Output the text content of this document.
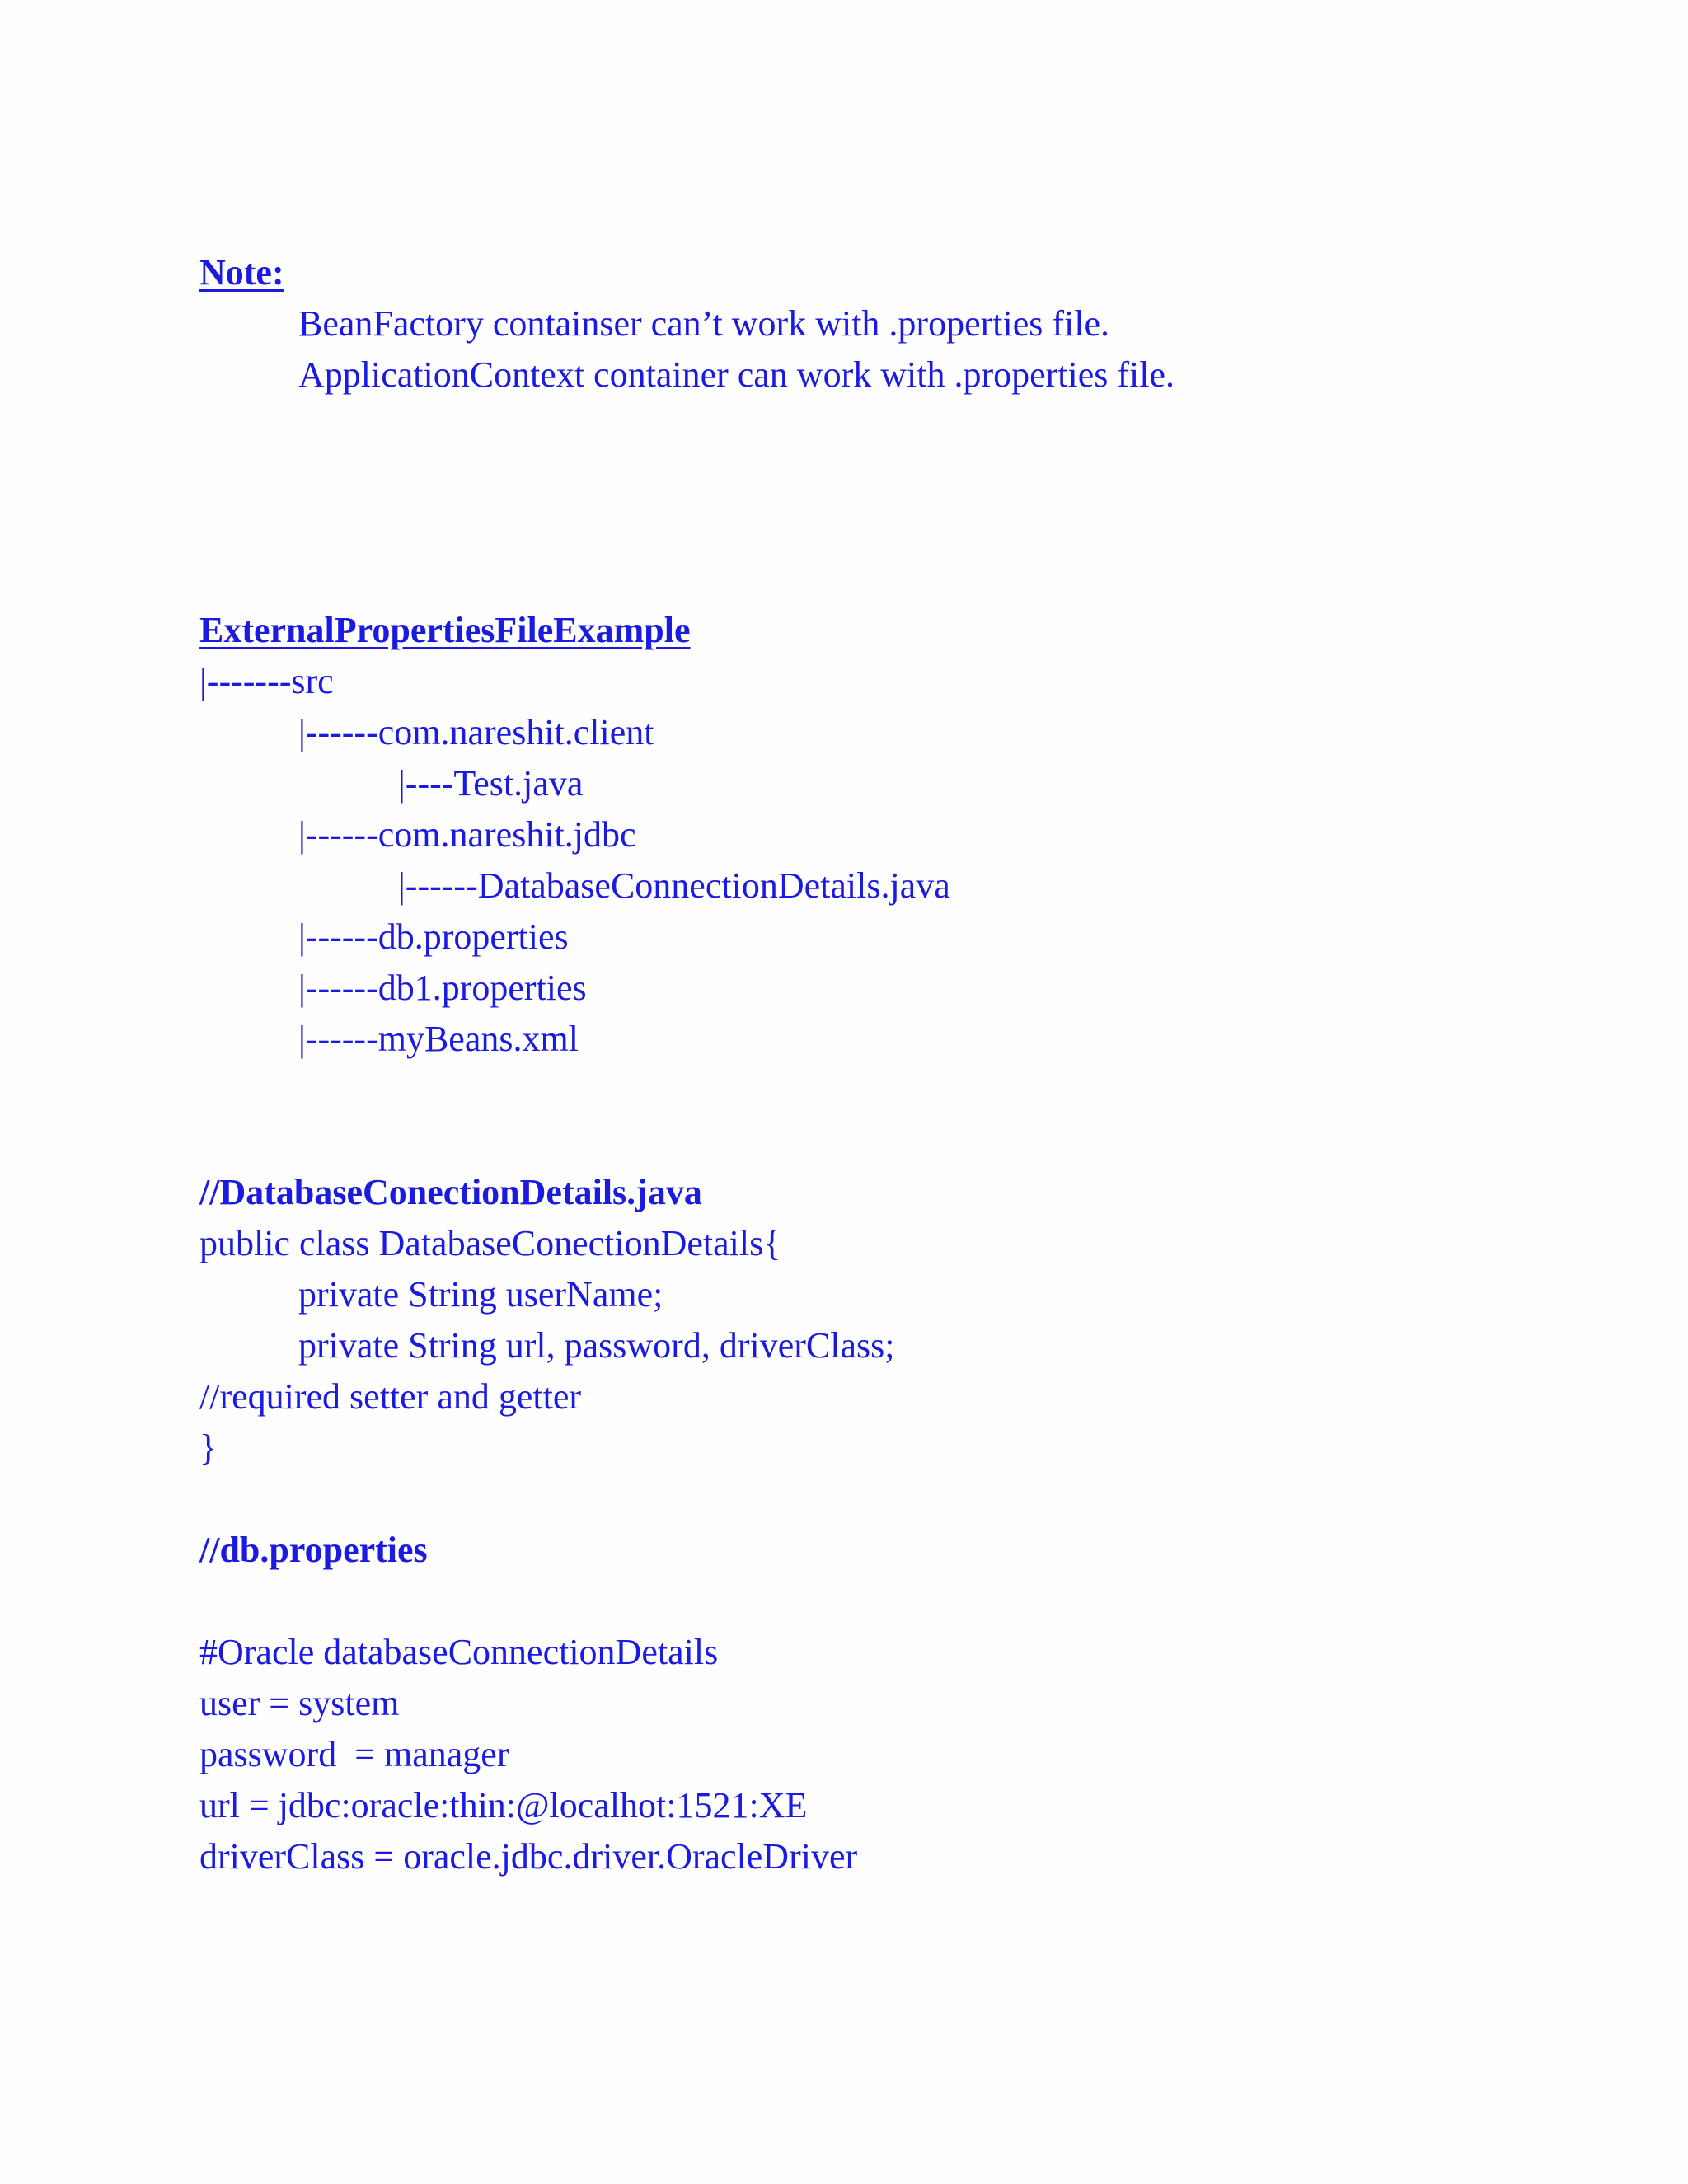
Note:
BeanFactory containser can’t work with .properties file.
ApplicationContext container can work with .properties file.
ExternalPropertiesFileExample
|-------src
|------com.nareshit.client
|----Test.java
|------com.nareshit.jdbc
|------DatabaseConnectionDetails.java
|------db.properties
|------db1.properties
|------myBeans.xml
//DatabaseConectionDetails.java
public class DatabaseConectionDetails{
private String userName;
private String url, password, driverClass;
//required setter and getter
}
//db.properties
#Oracle databaseConnectionDetails
user = system
password  = manager
url = jdbc:oracle:thin:@localhot:1521:XE
driverClass = oracle.jdbc.driver.OracleDriver
